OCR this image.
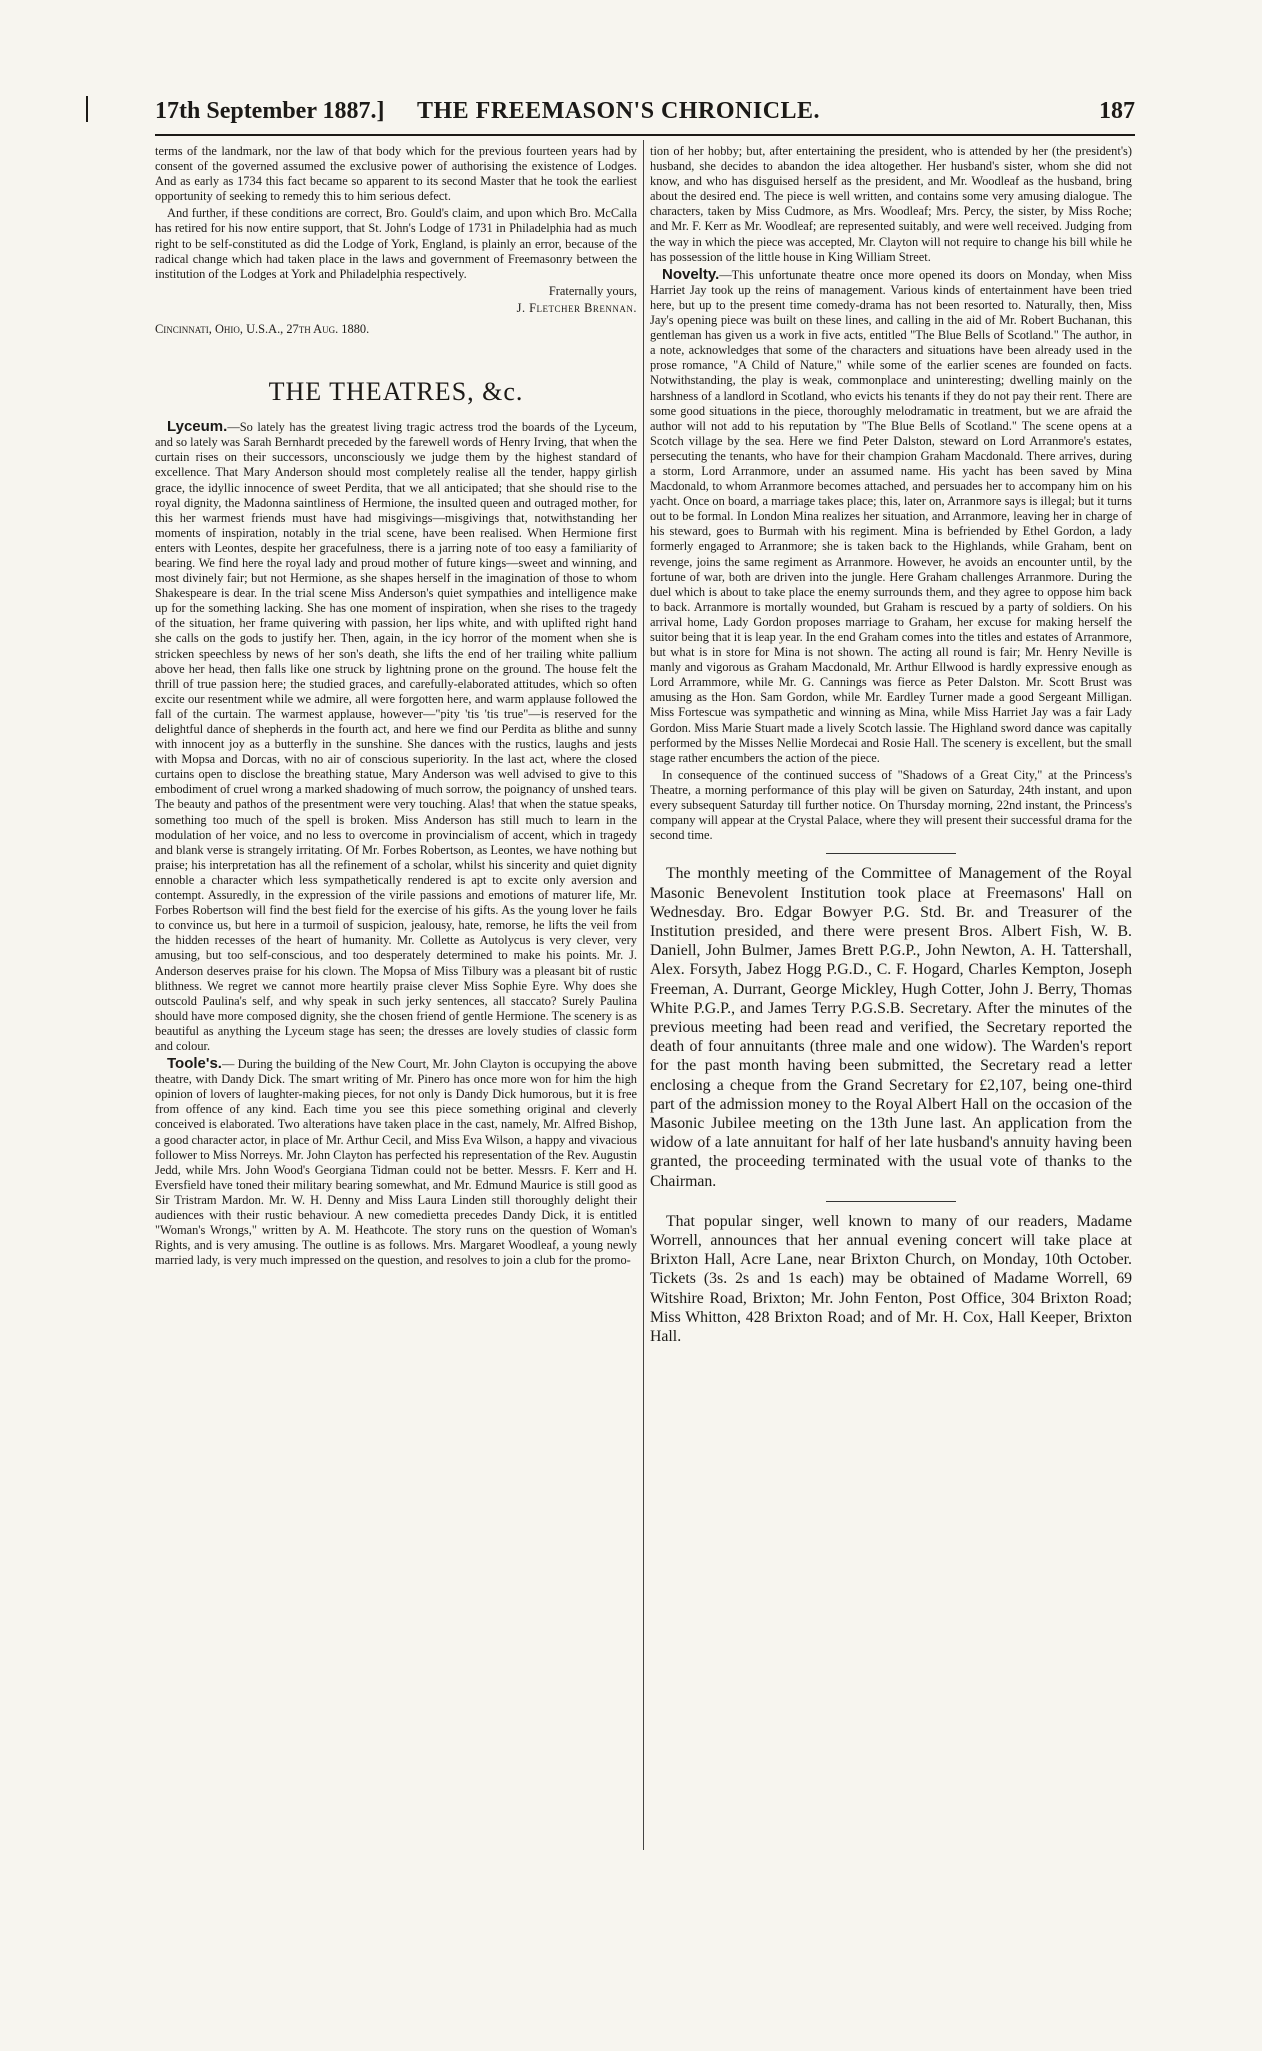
17th September 1887.] THE FREEMASON'S CHRONICLE.	187

terms of the landmark, nor the law of that body which for the previous fourteen years had by consent of the governed assumed the exclusive power of authorising the existence of Lodges. And as early as 1734 this fact became so apparent to its second Master that he took the earliest opportunity of seeking to remedy this to him serious defect.

And further, if these conditions are correct, Bro. Gould's claim, and upon which Bro. McCalla has retired for his now entire support, that St. John's Lodge of 1731 in Philadelphia had as much right to be self-constituted as did the Lodge of York, England, is plainly an error, because of the radical change which had taken place in the laws and government of Freemasonry between the institution of the Lodges at York and Philadelphia respectively.

Fraternally yours,

J. Fletcher Brennan.

Cincinnati, Ohio, U.S.A., 27th Aug. 1880.

THE THEATRES, &c.

Lyceum.—So lately has the greatest living tragic actress trod the boards of the Lyceum, and so lately was Sarah Bernhardt preceded by the farewell words of Henry Irving, that when the curtain rises on their successors, unconsciously we judge them by the highest standard of excellence. That Mary Anderson should most completely realise all the tender, happy girlish grace, the idyllic innocence of sweet Perdita, that we all anticipated; that she should rise to the royal dignity, the Madonna saintliness of Hermione, the insulted queen and outraged mother, for this her warmest friends must have had misgivings—misgivings that, notwithstanding her moments of inspiration, notably in the trial scene, have been realised. When Hermione first enters with Leontes, despite her gracefulness, there is a jarring note of too easy a familiarity of bearing. We find here the royal lady and proud mother of future kings—sweet and winning, and most divinely fair; but not Hermione, as she shapes herself in the imagination of those to whom Shakespeare is dear. In the trial scene Miss Anderson's quiet sympathies and intelligence make up for the something lacking. She has one moment of inspiration, when she rises to the tragedy of the situation, her frame quivering with passion, her lips white, and with uplifted right hand she calls on the gods to justify her. Then, again, in the icy horror of the moment when she is stricken speechless by news of her son's death, she lifts the end of her trailing white pallium above her head, then falls like one struck by lightning prone on the ground. The house felt the thrill of true passion here; the studied graces, and carefully-elaborated attitudes, which so often excite our resentment while we admire, all were forgotten here, and warm applause followed the fall of the curtain. The warmest applause, however—"pity 'tis 'tis true"—is reserved for the delightful dance of shepherds in the fourth act, and here we find our Perdita as blithe and sunny with innocent joy as a butterfly in the sunshine. She dances with the rustics, laughs and jests with Mopsa and Dorcas, with no air of conscious superiority. In the last act, where the closed curtains open to disclose the breathing statue, Mary Anderson was well advised to give to this embodiment of cruel wrong a marked shadowing of much sorrow, the poignancy of unshed tears. The beauty and pathos of the presentment were very touching. Alas! that when the statue speaks, something too much of the spell is broken. Miss Anderson has still much to learn in the modulation of her voice, and no less to overcome in provincialism of accent, which in tragedy and blank verse is strangely irritating. Of Mr. Forbes Robertson, as Leontes, we have nothing but praise; his interpretation has all the refinement of a scholar, whilst his sincerity and quiet dignity ennoble a character which less sympathetically rendered is apt to excite only aversion and contempt. Assuredly, in the expression of the virile passions and emotions of maturer life, Mr. Forbes Robertson will find the best field for the exercise of his gifts. As the young lover he fails to convince us, but here in a turmoil of suspicion, jealousy, hate, remorse, he lifts the veil from the hidden recesses of the heart of humanity. Mr. Collette as Autolycus is very clever, very amusing, but too self-conscious, and too desperately determined to make his points. Mr. J. Anderson deserves praise for his clown. The Mopsa of Miss Tilbury was a pleasant bit of rustic blithness. We regret we cannot more heartily praise clever Miss Sophie Eyre. Why does she outscold Paulina's self, and why speak in such jerky sentences, all staccato? Surely Paulina should have more composed dignity, she the chosen friend of gentle Hermione. The scenery is as beautiful as anything the Lyceum stage has seen; the dresses are lovely studies of classic form and colour.

Toole's.— During the building of the New Court, Mr. John Clayton is occupying the above theatre, with Dandy Dick. The smart writing of Mr. Pinero has once more won for him the high opinion of lovers of laughter-making pieces, for not only is Dandy Dick humorous, but it is free from offence of any kind. Each time you see this piece something original and cleverly conceived is elaborated. Two alterations have taken place in the cast, namely, Mr. Alfred Bishop, a good character actor, in place of Mr. Arthur Cecil, and Miss Eva Wilson, a happy and vivacious follower to Miss Norreys. Mr. John Clayton has perfected his representation of the Rev. Augustin Jedd, while Mrs. John Wood's Georgiana Tidman could not be better. Messrs. F. Kerr and H. Eversfield have toned their military bearing somewhat, and Mr. Edmund Maurice is still good as Sir Tristram Mardon. Mr. W. H. Denny and Miss Laura Linden still thoroughly delight their audiences with their rustic behaviour. A new comedietta precedes Dandy Dick, it is entitled "Woman's Wrongs," written by A. M. Heathcote. The story runs on the question of Woman's Rights, and is very amusing. The outline is as follows. Mrs. Margaret Woodleaf, a young newly married lady, is very much impressed on the question, and resolves to join a club for the promo-

tion of her hobby; but, after entertaining the president, who is attended by her (the president's) husband, she decides to abandon the idea altogether. Her husband's sister, whom she did not know, and who has disguised herself as the president, and Mr. Woodleaf as the husband, bring about the desired end. The piece is well written, and contains some very amusing dialogue. The characters, taken by Miss Cudmore, as Mrs. Woodleaf; Mrs. Percy, the sister, by Miss Roche; and Mr. F. Kerr as Mr. Woodleaf; are represented suitably, and were well received. Judging from the way in which the piece was accepted, Mr. Clayton will not require to change his bill while he has possession of the little house in King William Street.

Novelty.—This unfortunate theatre once more opened its doors on Monday, when Miss Harriet Jay took up the reins of management. Various kinds of entertainment have been tried here, but up to the present time comedy-drama has not been resorted to. Naturally, then, Miss Jay's opening piece was built on these lines, and calling in the aid of Mr. Robert Buchanan, this gentleman has given us a work in five acts, entitled "The Blue Bells of Scotland." The author, in a note, acknowledges that some of the characters and situations have been already used in the prose romance, "A Child of Nature," while some of the earlier scenes are founded on facts. Notwithstanding, the play is weak, commonplace and uninteresting; dwelling mainly on the harshness of a landlord in Scotland, who evicts his tenants if they do not pay their rent. There are some good situations in the piece, thoroughly melodramatic in treatment, but we are afraid the author will not add to his reputation by "The Blue Bells of Scotland." The scene opens at a Scotch village by the sea. Here we find Peter Dalston, steward on Lord Arranmore's estates, persecuting the tenants, who have for their champion Graham Macdonald. There arrives, during a storm, Lord Arranmore, under an assumed name. His yacht has been saved by Mina Macdonald, to whom Arranmore becomes attached, and persuades her to accompany him on his yacht. Once on board, a marriage takes place; this, later on, Arranmore says is illegal; but it turns out to be formal. In London Mina realizes her situation, and Arranmore, leaving her in charge of his steward, goes to Burmah with his regiment. Mina is befriended by Ethel Gordon, a lady formerly engaged to Arranmore; she is taken back to the Highlands, while Graham, bent on revenge, joins the same regiment as Arranmore. However, he avoids an encounter until, by the fortune of war, both are driven into the jungle. Here Graham challenges Arranmore. During the duel which is about to take place the enemy surrounds them, and they agree to oppose him back to back. Arranmore is mortally wounded, but Graham is rescued by a party of soldiers. On his arrival home, Lady Gordon proposes marriage to Graham, her excuse for making herself the suitor being that it is leap year. In the end Graham comes into the titles and estates of Arranmore, but what is in store for Mina is not shown. The acting all round is fair; Mr. Henry Neville is manly and vigorous as Graham Macdonald, Mr. Arthur Ellwood is hardly expressive enough as Lord Arrammore, while Mr. G. Cannings was fierce as Peter Dalston. Mr. Scott Brust was amusing as the Hon. Sam Gordon, while Mr. Eardley Turner made a good Sergeant Milligan. Miss Fortescue was sympathetic and winning as Mina, while Miss Harriet Jay was a fair Lady Gordon. Miss Marie Stuart made a lively Scotch lassie. The Highland sword dance was capitally performed by the Misses Nellie Mordecai and Rosie Hall. The scenery is excellent, but the small stage rather encumbers the action of the piece.

In consequence of the continued success of "Shadows of a Great City," at the Princess's Theatre, a morning performance of this play will be given on Saturday, 24th instant, and upon every subsequent Saturday till further notice. On Thursday morning, 22nd instant, the Princess's company will appear at the Crystal Palace, where they will present their successful drama for the second time.

The monthly meeting of the Committee of Management of the Royal Masonic Benevolent Institution took place at Freemasons' Hall on Wednesday. Bro. Edgar Bowyer P.G. Std. Br. and Treasurer of the Institution presided, and there were present Bros. Albert Fish, W. B. Daniell, John Bulmer, James Brett P.G.P., John Newton, A. H. Tattershall, Alex. Forsyth, Jabez Hogg P.G.D., C. F. Hogard, Charles Kempton, Joseph Freeman, A. Durrant, George Mickley, Hugh Cotter, John J. Berry, Thomas White P.G.P., and James Terry P.G.S.B. Secretary. After the minutes of the previous meeting had been read and verified, the Secretary reported the death of four annuitants (three male and one widow). The Warden's report for the past month having been submitted, the Secretary read a letter enclosing a cheque from the Grand Secretary for £2,107, being one-third part of the admission money to the Royal Albert Hall on the occasion of the Masonic Jubilee meeting on the 13th June last. An application from the widow of a late annuitant for half of her late husband's annuity having been granted, the proceeding terminated with the usual vote of thanks to the Chairman.

That popular singer, well known to many of our readers, Madame Worrell, announces that her annual evening concert will take place at Brixton Hall, Acre Lane, near Brixton Church, on Monday, 10th October. Tickets (3s. 2s and 1s each) may be obtained of Madame Worrell, 69 Witshire Road, Brixton; Mr. John Fenton, Post Office, 304 Brixton Road; Miss Whitton, 428 Brixton Road; and of Mr. H. Cox, Hall Keeper, Brixton Hall.
